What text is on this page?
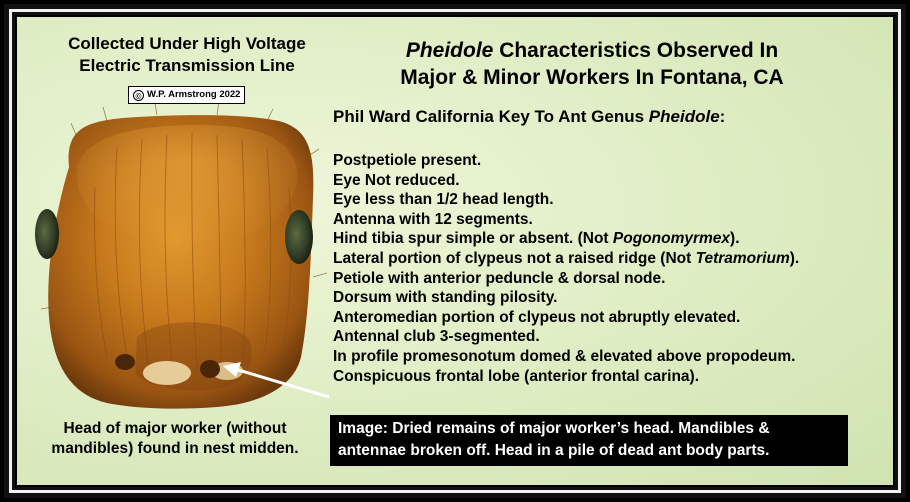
Collected Under High Voltage
Electric Transmission Line
© W.P. Armstrong 2022
Pheidole Characteristics Observed In
Major & Minor Workers In Fontana, CA
Phil Ward California Key To Ant Genus Pheidole:
Postpetiole present.
Eye Not reduced.
Eye less than 1/2 head length.
Antenna with 12 segments.
Hind tibia spur simple or absent. (Not Pogonomyrmex).
Lateral portion of clypeus not a raised ridge (Not Tetramorium).
Petiole with anterior peduncle & dorsal node.
Dorsum with standing pilosity.
Anteromedian portion of clypeus not abruptly elevated.
Antennal club 3-segmented.
In profile promesonotum domed & elevated above propodeum.
Conspicuous frontal lobe (anterior frontal carina).
Head of major worker (without
mandibles) found in nest midden.
Image: Dried remains of major worker’s head. Mandibles &
antennae broken off. Head in a pile of dead ant body parts.
